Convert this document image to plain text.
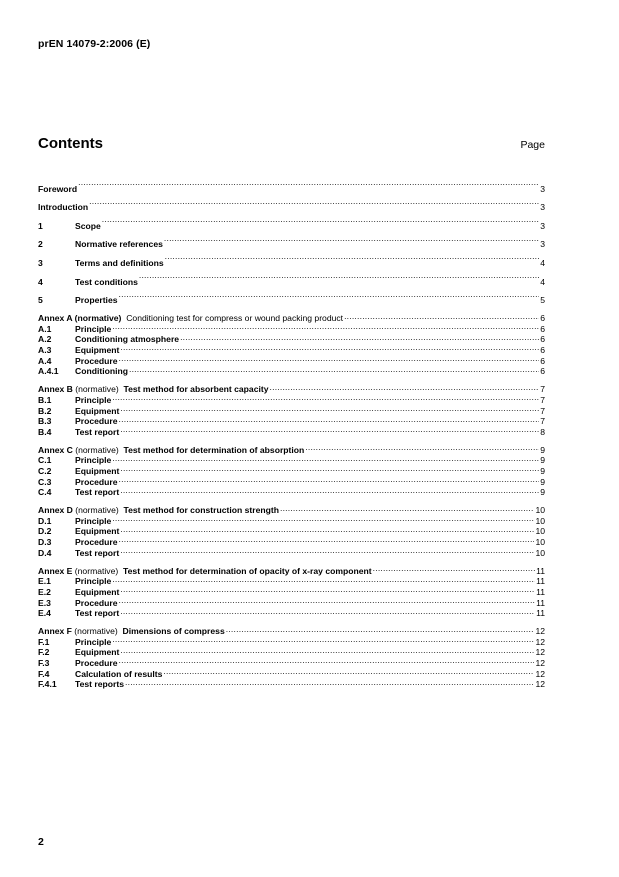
prEN 14079-2:2006 (E)
Contents	Page
Foreword .....	3
Introduction .....	3
1	Scope .....	3
2	Normative references .....	3
3	Terms and definitions .....	4
4	Test conditions .....	4
5	Properties .....	5
Annex A (normative) Conditioning test for compress or wound packing product .....	6
A.1	Principle .....	6
A.2	Conditioning atmosphere .....	6
A.3	Equipment .....	6
A.4	Procedure .....	6
A.4.1	Conditioning .....	6
Annex B (normative) Test method for absorbent capacity .....	7
B.1	Principle .....	7
B.2	Equipment .....	7
B.3	Procedure .....	7
B.4	Test report .....	8
Annex C (normative) Test method for determination of absorption .....	9
C.1	Principle .....	9
C.2	Equipment .....	9
C.3	Procedure .....	9
C.4	Test report .....	9
Annex D (normative) Test method for construction strength .....	10
D.1	Principle .....	10
D.2	Equipment .....	10
D.3	Procedure .....	10
D.4	Test report .....	10
Annex E (normative) Test method for determination of opacity of x-ray component .....	11
E.1	Principle .....	11
E.2	Equipment .....	11
E.3	Procedure .....	11
E.4	Test report .....	11
Annex F (normative) Dimensions of compress .....	12
F.1	Principle .....	12
F.2	Equipment .....	12
F.3	Procedure .....	12
F.4	Calculation of results .....	12
F.4.1	Test reports .....	12
2
